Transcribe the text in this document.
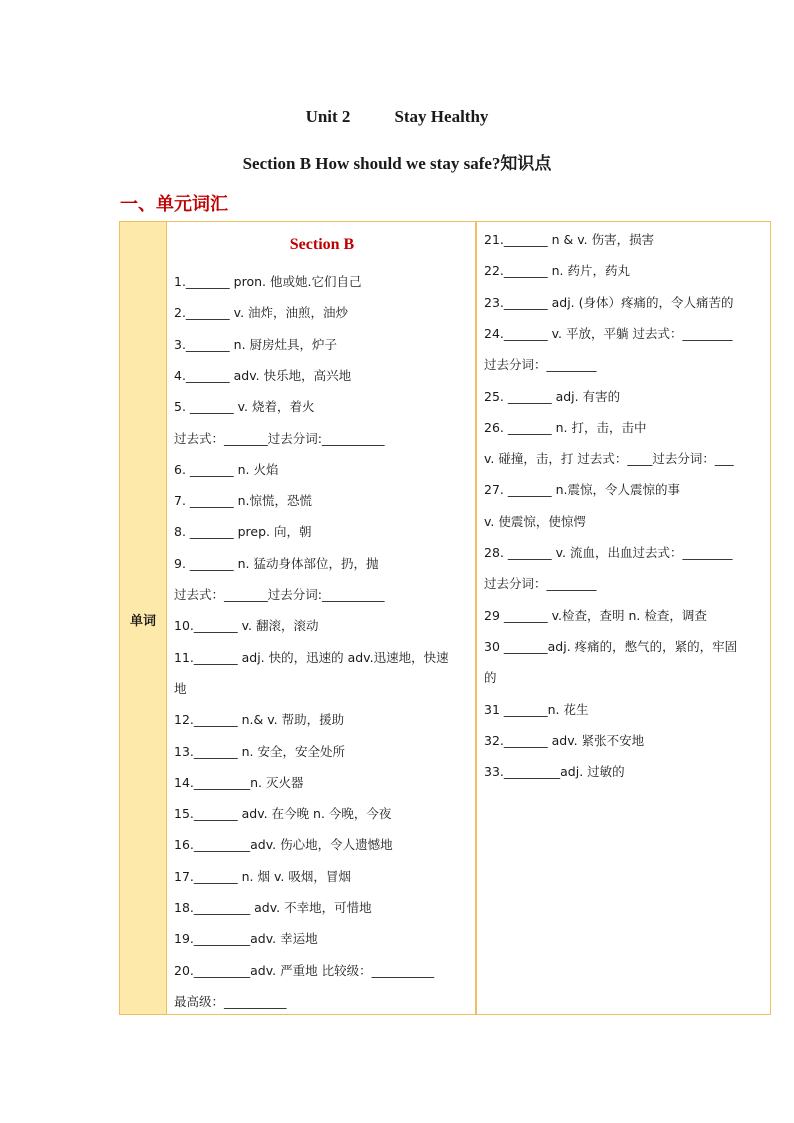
Unit 2	Stay Healthy
Section B How should we stay safe?知识点
一、单元词汇
单词
Section B
1._______ pron. 他或她.它们自己
2._______ v. 油炸，油煎，油炒
3._______ n. 厨房灶具，炉子
4._______ adv. 快乐地，高兴地
5. _______ v. 烧着，着火
过去式：_______过去分词:__________
6. _______ n. 火焰
7. _______ n.惊慌，恐慌
8. _______ prep. 向，朝
9. _______ n. 猛动身体部位，扔，抛
过去式：_______过去分词:__________
10._______ v. 翻滚，滚动
11._______ adj. 快的，迅速的 adv.迅速地，快速
地
12._______ n.& v. 帮助，援助
13._______ n. 安全，安全处所
14._________n. 灭火器
15._______ adv. 在今晚 n. 今晚，今夜
16._________adv. 伤心地，令人遗憾地
17._______ n. 烟 v. 吸烟，冒烟
18._________ adv. 不幸地，可惜地
19._________adv. 幸运地
20._________adv. 严重地 比较级：__________
最高级：__________
21._______ n & v. 伤害，损害
22._______ n. 药片，药丸
23._______ adj. (身体）疼痛的，令人痛苦的
24._______ v. 平放，平躺 过去式：________
过去分词：________
25. _______ adj. 有害的
26. _______ n. 打，击，击中
v. 碰撞，击，打 过去式：____过去分词：___
27. _______ n.震惊，令人震惊的事
v. 使震惊，使惊愕
28. _______ v. 流血，出血过去式：________
过去分词：________
29 _______ v.检查，查明 n. 检查，调查
30 _______adj. 疼痛的，憋气的，紧的，牢固
的
31 _______n. 花生
32._______ adv. 紧张不安地
33._________adj. 过敏的
